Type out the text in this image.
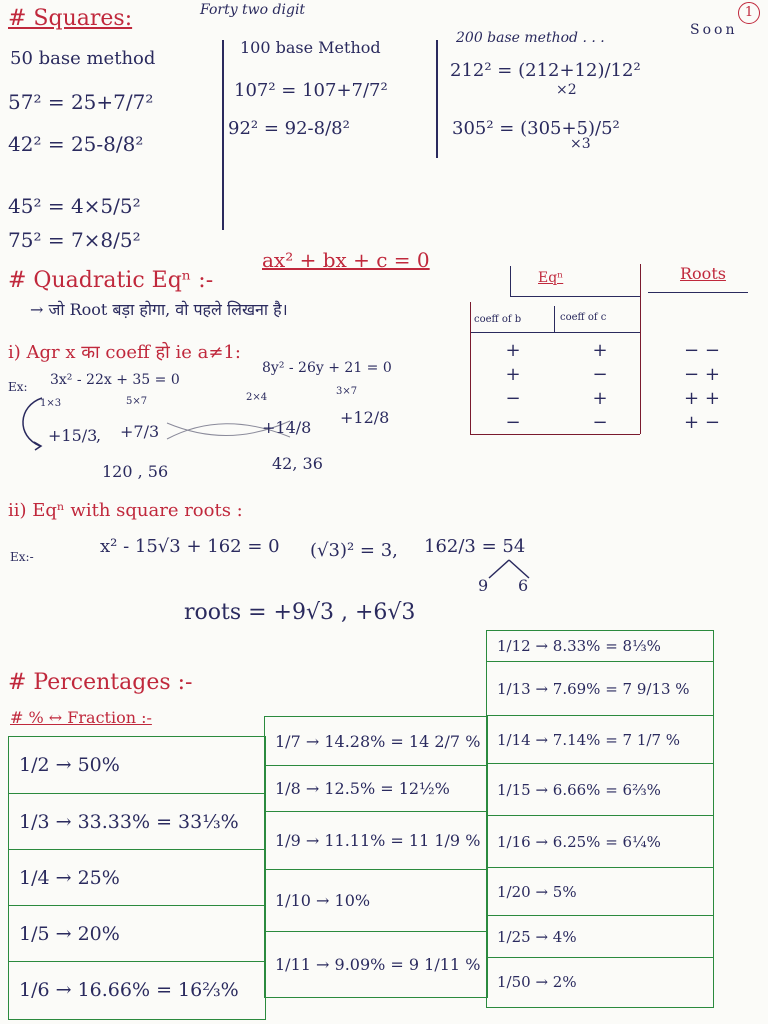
1
# Squares:	Forty two digit
50 base method
57² = 25+7/7²
42² = 25-8/8²
45² = 4×5/5²
75² = 7×8/5²
100 base Method
107² = 107+7/7²
92² = 92-8/8²
200 base method . . .	Soon
212² = (212+12)/12²
×2
305² = (305+5)/5²
×3
# Quadratic Eqⁿ :-
ax² + bx + c = 0
→ जो Root बड़ा होगा, वो पहले लिखना है।
i) Agr x का coeff हो ie a≠1:
Ex: 3x² - 22x + 35 = 0
1×3	5×7
+15/3
, +7/3
120 , 56
8y² - 26y + 21 = 0
2×4
3×7
+14/8
+12/8
42, 36
Eqⁿ	Roots
coeff of b	coeff of c
+	+	− −
+	−	− +
−	+	+ +
−	−	+ −
ii) Eqⁿ with square roots :
Ex:-	x² - 15√3 + 162 = 0 (√3)² = 3, 162/3 = 54
9 6
roots = +9√3 , +6√3
# Percentages :-
# % ↔ Fraction :-
1/2 → 50%
1/3 → 33.33% = 33⅓%
1/4 → 25%
1/5 → 20%
1/6 → 16.66% = 16⅔%
1/7 → 14.28% = 14 2/7 %
1/8 → 12.5% = 12½%
1/9 → 11.11% = 11 1/9 %
1/10 → 10%
1/11 → 9.09% = 9 1/11 %
1/12 → 8.33% = 8⅓%
1/13 → 7.69% = 7 9/13 %
1/14 → 7.14% = 7 1/7 %
1/15 → 6.66% = 6⅔%
1/16 → 6.25% = 6¼%
1/20 → 5%
1/25 → 4%
1/50 → 2%
